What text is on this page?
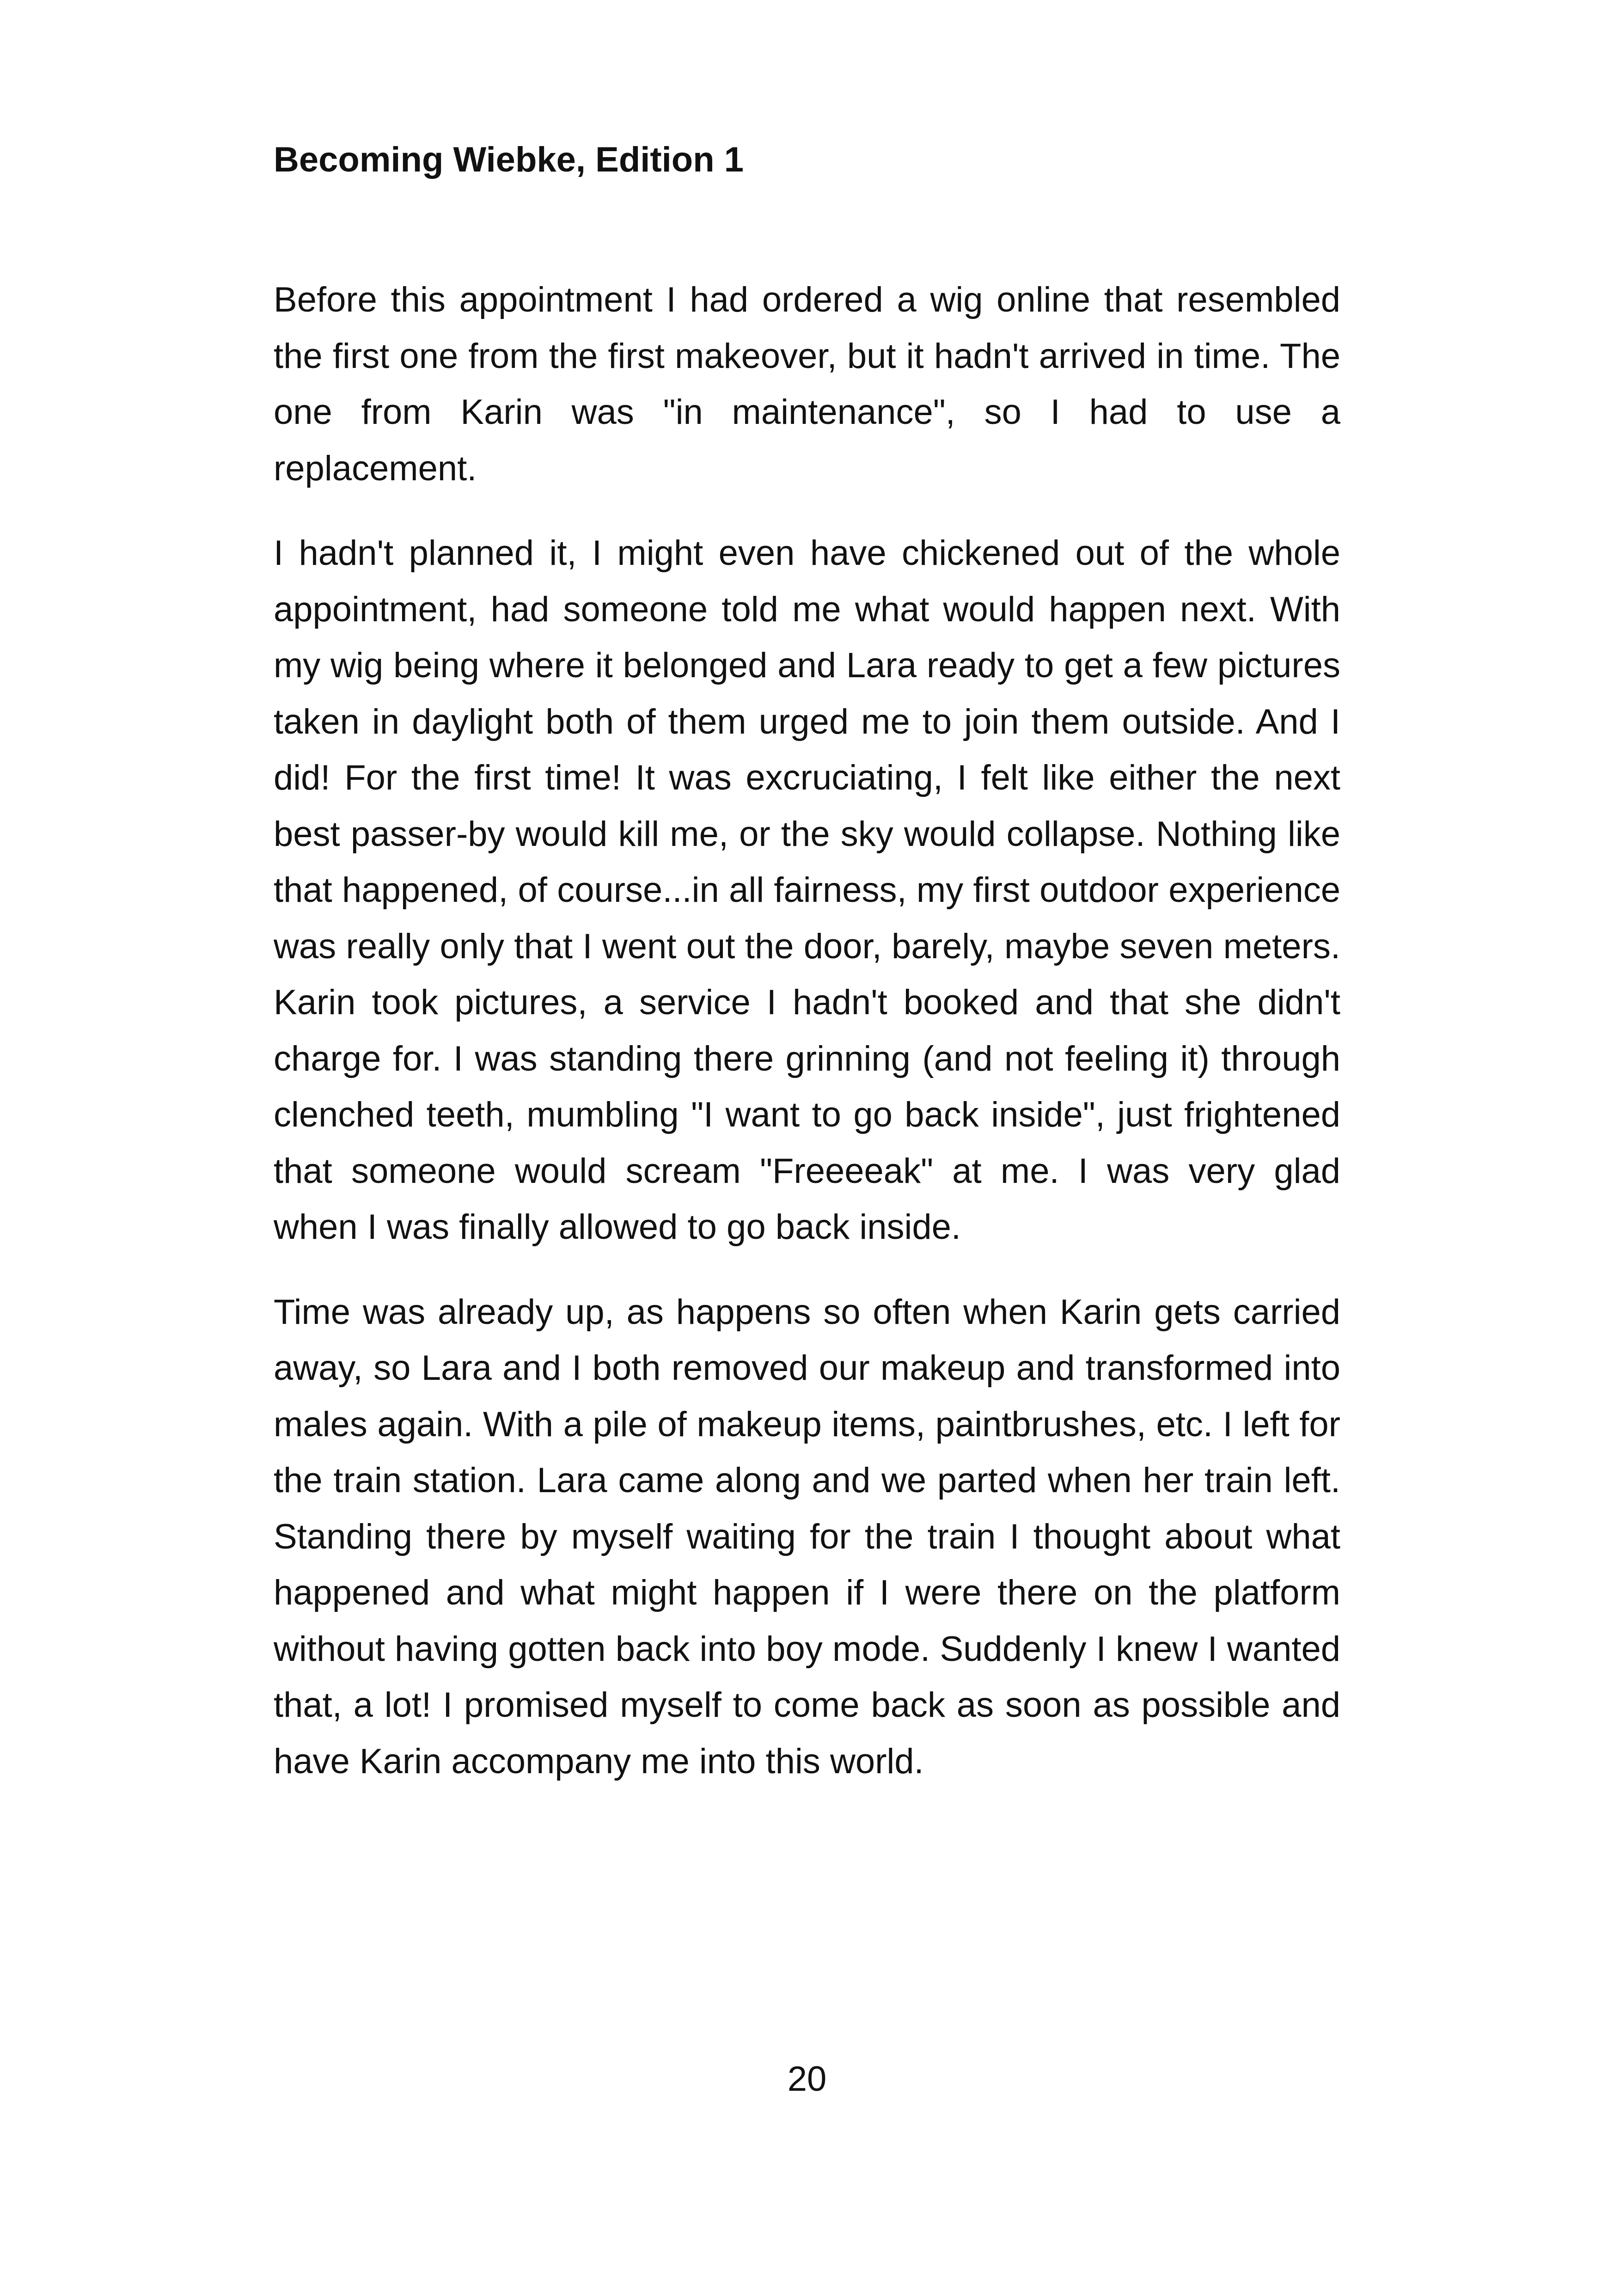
Becoming Wiebke, Edition 1

Before this appointment I had ordered a wig online that resembled the first one from the first makeover, but it hadn't arrived in time. The one from Karin was "in maintenance", so I had to use a replacement.

I hadn't planned it, I might even have chickened out of the whole appointment, had someone told me what would happen next. With my wig being where it belonged and Lara ready to get a few pictures taken in daylight both of them urged me to join them outside. And I did! For the first time! It was excruciating, I felt like either the next best passer-by would kill me, or the sky would collapse. Nothing like that happened, of course...in all fairness, my first outdoor experience was really only that I went out the door, barely, maybe seven meters. Karin took pictures, a service I hadn't booked and that she didn't charge for. I was standing there grinning (and not feeling it) through clenched teeth, mumbling "I want to go back inside", just frightened that someone would scream "Freeeeak" at me. I was very glad when I was finally allowed to go back inside.

Time was already up, as happens so often when Karin gets carried away, so Lara and I both removed our makeup and transformed into males again. With a pile of makeup items, paintbrushes, etc. I left for the train station. Lara came along and we parted when her train left. Standing there by myself waiting for the train I thought about what happened and what might happen if I were there on the platform without having gotten back into boy mode. Suddenly I knew I wanted that, a lot! I promised myself to come back as soon as possible and have Karin accompany me into this world.

20
